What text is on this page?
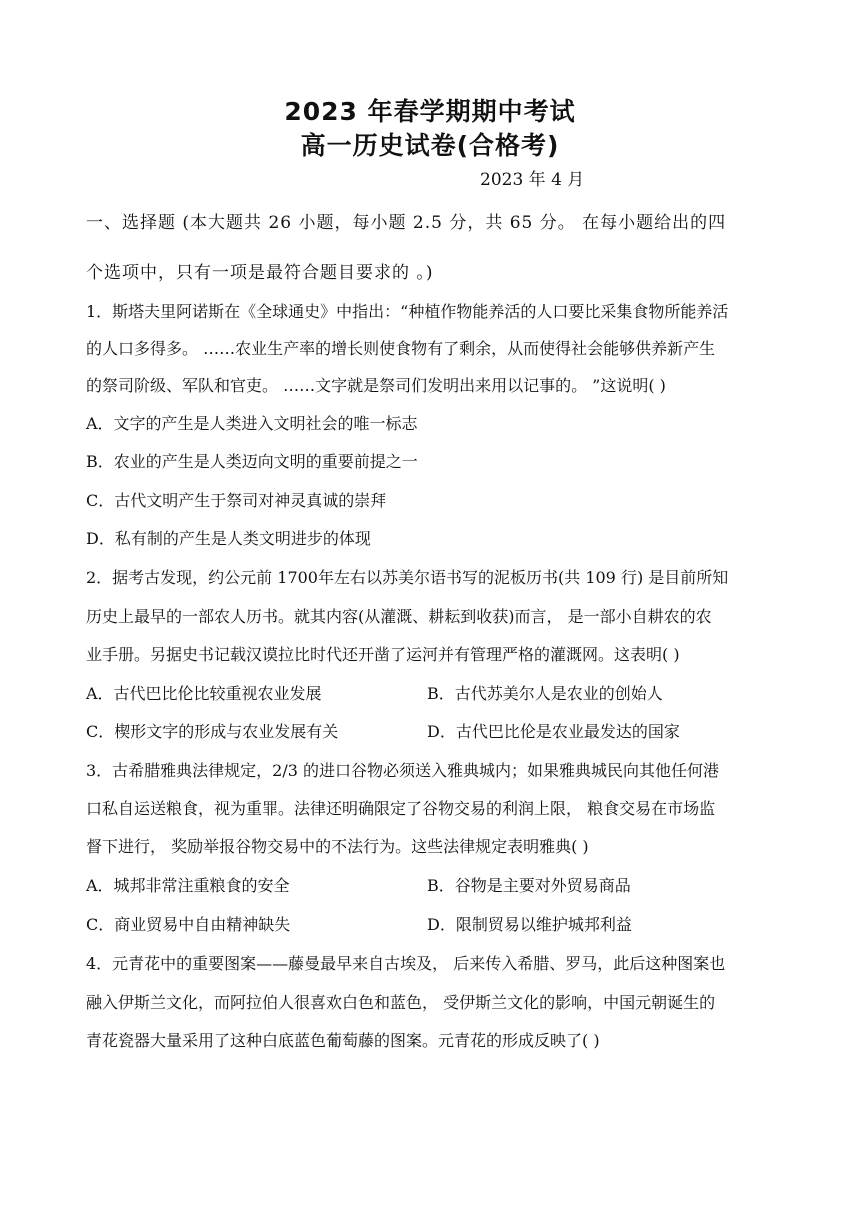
2023 年春学期期中考试
高一历史试卷(合格考)
2023 年 4 月
一、选择题 (本大题共 26 小题，每小题 2.5 分，共 65 分。 在每小题给出的四
个选项中，只有一项是最符合题目要求的 。)
1．斯塔夫里阿诺斯在《全球通史》中指出：“种植作物能养活的人口要比采集食物所能养活
的人口多得多。 ……农业生产率的增长则使食物有了剩余，从而使得社会能够供养新产生
的祭司阶级、军队和官吏。 ……文字就是祭司们发明出来用以记事的。 ”这说明( )
A．文字的产生是人类进入文明社会的唯一标志
B．农业的产生是人类迈向文明的重要前提之一
C．古代文明产生于祭司对神灵真诚的崇拜
D．私有制的产生是人类文明进步的体现
2．据考古发现，约公元前 1700年左右以苏美尔语书写的泥板历书(共 109 行) 是目前所知
历史上最早的一部农人历书。就其内容(从灌溉、耕耘到收获)而言， 是一部小自耕农的农
业手册。另据史书记载汉谟拉比时代还开凿了运河并有管理严格的灌溉网。这表明( )
A．古代巴比伦比较重视农业发展	B．古代苏美尔人是农业的创始人
C．楔形文字的形成与农业发展有关	D．古代巴比伦是农业最发达的国家
3．古希腊雅典法律规定，2/3 的进口谷物必须送入雅典城内；如果雅典城民向其他任何港
口私自运送粮食，视为重罪。法律还明确限定了谷物交易的利润上限， 粮食交易在市场监
督下进行， 奖励举报谷物交易中的不法行为。这些法律规定表明雅典( )
A．城邦非常注重粮食的安全	B．谷物是主要对外贸易商品
C．商业贸易中自由精神缺失	D．限制贸易以维护城邦利益
4．元青花中的重要图案——藤曼最早来自古埃及， 后来传入希腊、罗马，此后这种图案也
融入伊斯兰文化，而阿拉伯人很喜欢白色和蓝色， 受伊斯兰文化的影响，中国元朝诞生的
青花瓷器大量采用了这种白底蓝色葡萄藤的图案。元青花的形成反映了( )
